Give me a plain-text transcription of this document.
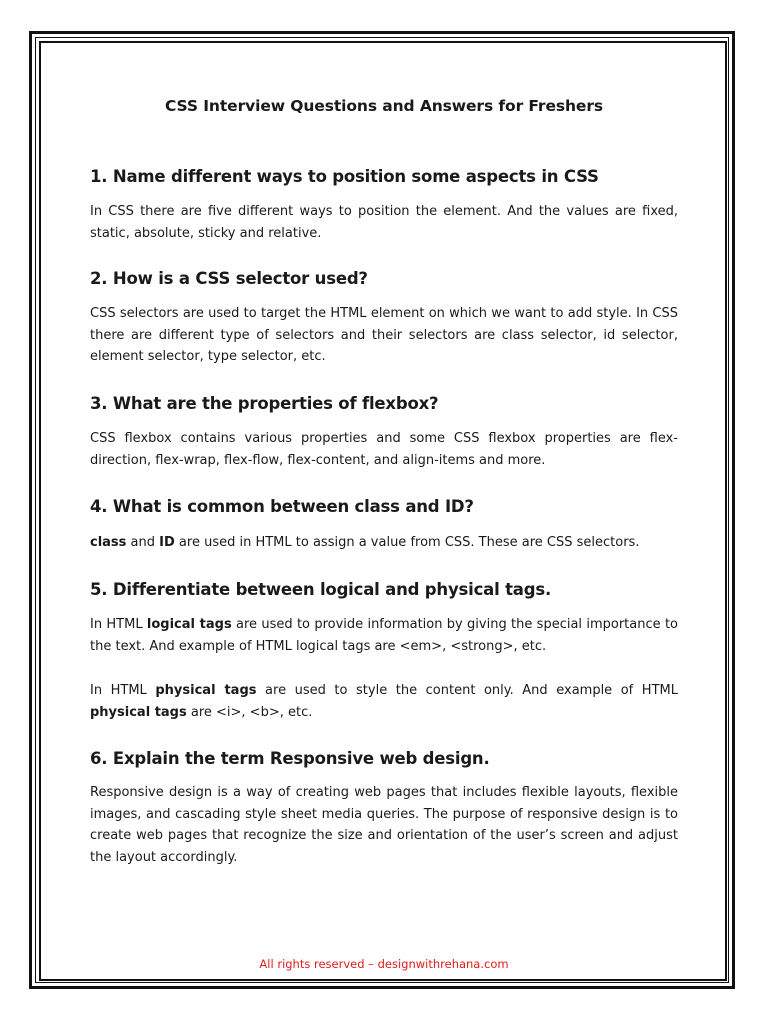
CSS Interview Questions and Answers for Freshers
1. Name different ways to position some aspects in CSS

In CSS there are five different ways to position the element. And the values are fixed, static, absolute, sticky and relative.

2. How is a CSS selector used?

CSS selectors are used to target the HTML element on which we want to add style. In CSS there are different type of selectors and their selectors are class selector, id selector, element selector, type selector, etc.

3. What are the properties of flexbox?

CSS flexbox contains various properties and some CSS flexbox properties are flex-direction, flex-wrap, flex-flow, flex-content, and align-items and more.

4. What is common between class and ID?

class and ID are used in HTML to assign a value from CSS. These are CSS selectors.

5. Differentiate between logical and physical tags.

In HTML logical tags are used to provide information by giving the special importance to the text. And example of HTML logical tags are <em>, <strong>, etc.

In HTML physical tags are used to style the content only. And example of HTML physical tags are <i>, <b>, etc.

6. Explain the term Responsive web design.

Responsive design is a way of creating web pages that includes flexible layouts, flexible images, and cascading style sheet media queries. The purpose of responsive design is to create web pages that recognize the size and orientation of the user’s screen and adjust the layout accordingly.

All rights reserved – designwithrehana.com
